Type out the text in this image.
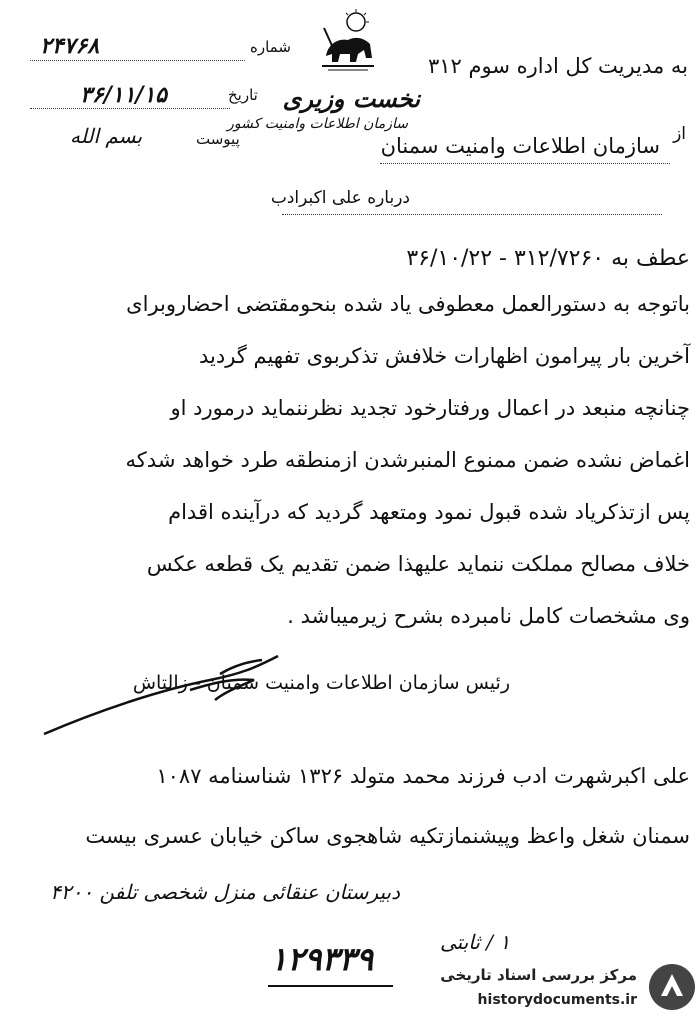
شماره
۲۴۷۶۸
تاریخ
۳۶/۱۱/۱۵
پیوست
بسم الله
به مدیریت کل اداره سوم ۳۱۲
نخست وزیری
سازمان اطلاعات وامنیت کشور	از
سازمان اطلاعات وامنیت سمنان
درباره علی اکبرادب
عطف به ۳۱۲/۷۲۶۰ - ۳۶/۱۰/۲۲
باتوجه به دستورالعمل معطوفی یاد شده بنحومقتضی احضاروبرای
آخرین بار پیرامون اظهارات خلافش تذکربوی تفهیم گردید
چنانچه منبعد در اعمال ورفتارخود تجدید نظرننماید درمورد او
اغماض نشده ضمن ممنوع المنبرشدن ازمنطقه طرد خواهد شدکه
پس ازتذکریاد شده قبول نمود ومتعهد گردید که درآینده اقدام
خلاف مصالح مملکت ننماید علیهذا ضمن تقدیم یک قطعه عکس
وی مشخصات کامل نامبرده بشرح زیرمیباشد .
رئیس سازمان اطلاعات وامنیت سمنان - زالتاش
علی اکبرشهرت ادب فرزند محمد متولد ۱۳۲۶ شناسنامه ۱۰۸۷
سمنان شغل واعظ وپیشنمازتکیه شاهجوی ساکن خیابان عسری بیست
دبیرستان عنقائی منزل شخصی تلفن ۴۲۰۰
۱۲۹۳۳۹	۱ / ثابتی
مرکز بررسی اسناد تاریخی
historydocuments.ir
